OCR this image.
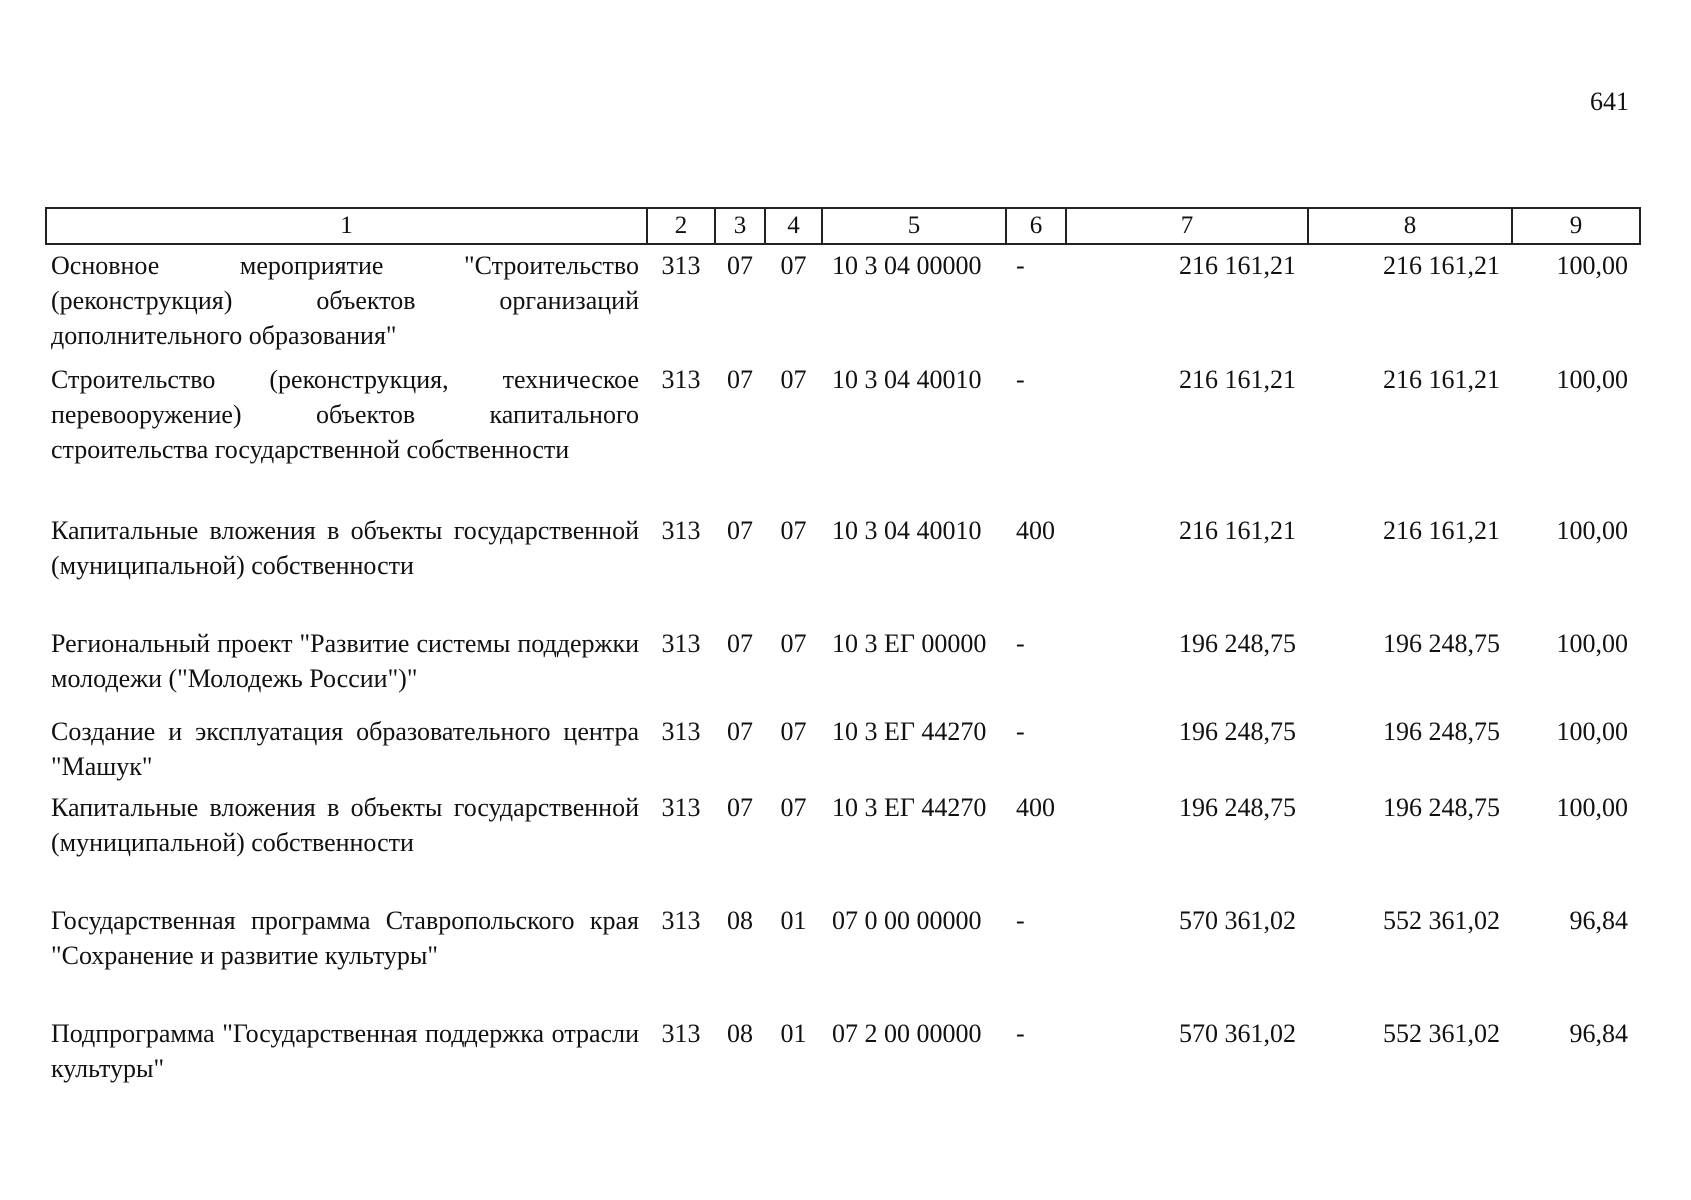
641
1	2	3	4	5	6	7	8	9
Основное мероприятие "Строительство (реконструкция) объектов организаций дополнительного образования"	313	07	07	10 3 04 00000	-	216 161,21	216 161,21	100,00
Строительство (реконструкция, техническое перевооружение) объектов капитального строительства государственной собственности	313	07	07	10 3 04 40010	-	216 161,21	216 161,21	100,00
Капитальные вложения в объекты государственной (муниципальной) собственности	313	07	07	10 3 04 40010	400	216 161,21	216 161,21	100,00
Региональный проект "Развитие системы поддержки молодежи ("Молодежь России")"	313	07	07	10 3 ЕГ 00000	-	196 248,75	196 248,75	100,00
Создание и эксплуатация образовательного центра "Машук"	313	07	07	10 3 ЕГ 44270	-	196 248,75	196 248,75	100,00
Капитальные вложения в объекты государственной (муниципальной) собственности	313	07	07	10 3 ЕГ 44270	400	196 248,75	196 248,75	100,00
Государственная программа Ставропольского края "Сохранение и развитие культуры"	313	08	01	07 0 00 00000	-	570 361,02	552 361,02	96,84
Подпрограмма "Государственная поддержка отрасли культуры"	313	08	01	07 2 00 00000	-	570 361,02	552 361,02	96,84
